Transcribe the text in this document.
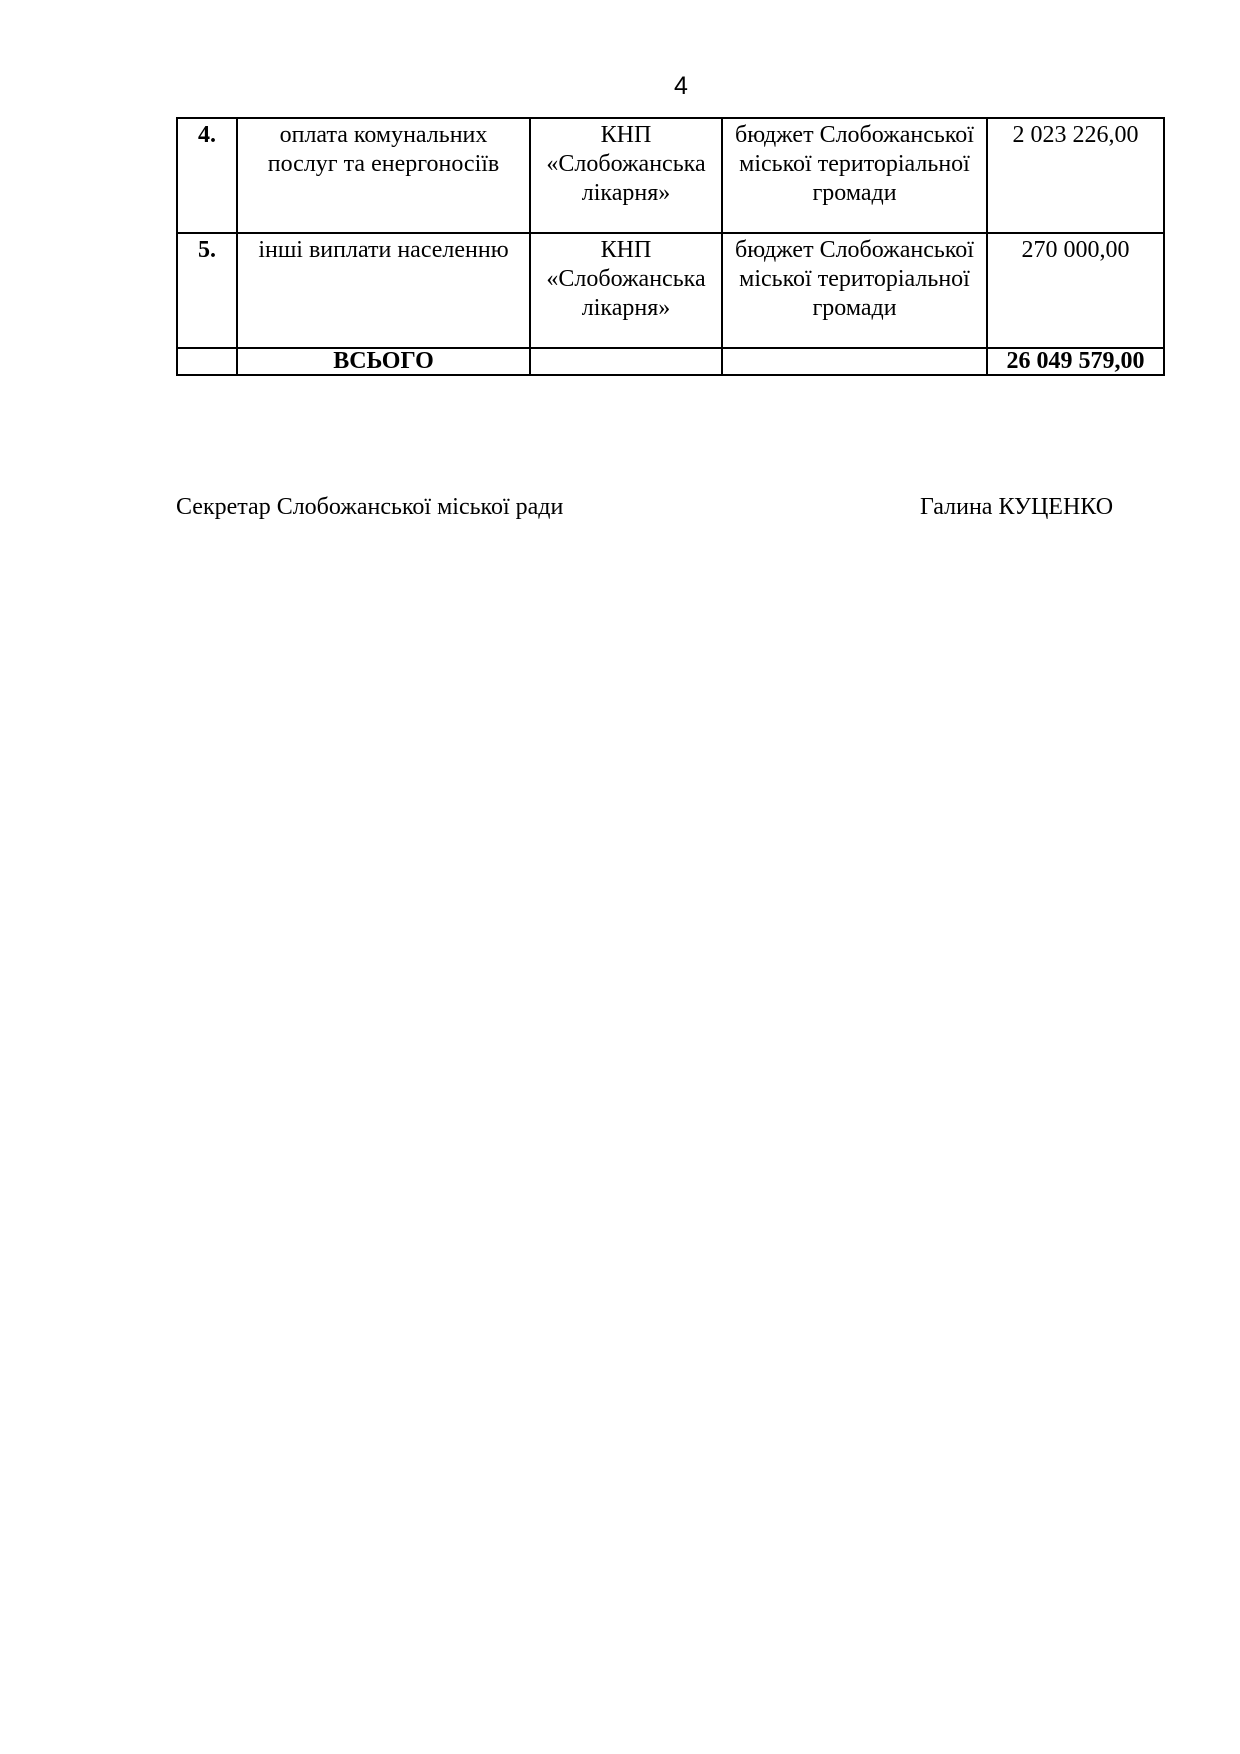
4
4.	оплата комунальних послуг та енергоносіїв	КНП «Слобожанська лікарня»	бюджет Слобожанської міської територіальної громади	2 023 226,00
5.	інші виплати населенню	КНП «Слобожанська лікарня»	бюджет Слобожанської міської територіальної громади	270 000,00
	ВСЬОГО			26 049 579,00
Секретар Слобожанської міської ради	Галина КУЦЕНКО
